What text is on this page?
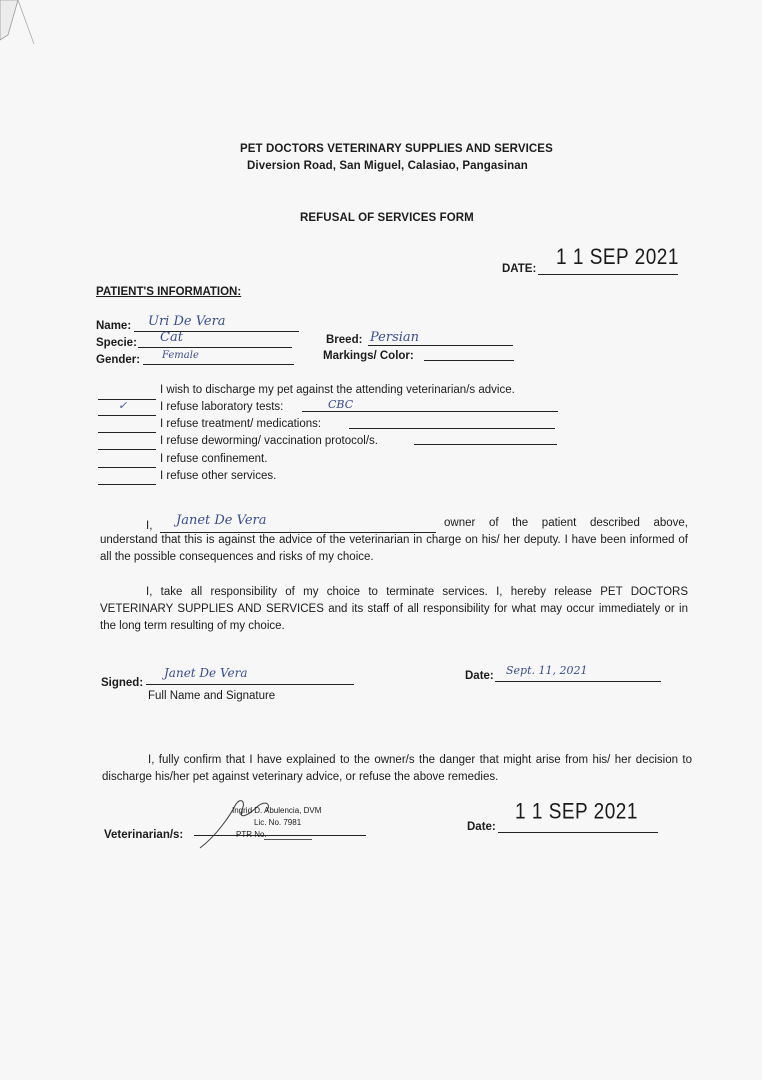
PET DOCTORS VETERINARY SUPPLIES AND SERVICES
Diversion Road, San Miguel, Calasiao, Pangasinan
REFUSAL OF SERVICES FORM
DATE: 1 1 SEP 2021
PATIENT'S INFORMATION:
Name: Uri De Vera
Specie: Cat
Gender: Female
Breed: Persian
Markings/ Color:
I wish to discharge my pet against the attending veterinarian/s advice.
✓	I refuse laboratory tests:	CBC
I refuse treatment/ medications:
I refuse deworming/ vaccination protocol/s.
I refuse confinement.
I refuse other services.
I, Janet De Vera	owner of the patient described above,
understand that this is against the advice of the veterinarian in charge on his/ her deputy. I have been informed of all the possible consequences and risks of my choice.
I, take all responsibility of my choice to terminate services. I, hereby release PET DOCTORS VETERINARY SUPPLIES AND SERVICES and its staff of all responsibility for what may occur immediately or in the long term resulting of my choice.
Signed:
Janet De Vera
Full Name and Signature
Date: Sept. 11, 2021
I, fully confirm that I have explained to the owner/s the danger that might arise from his/ her decision to discharge his/her pet against veterinary advice, or refuse the above remedies.
Veterinarian/s:
Ingrid D. Abulencia, DVM
Lic. No. 7981
PTR No.
Date:
1 1 SEP 2021
